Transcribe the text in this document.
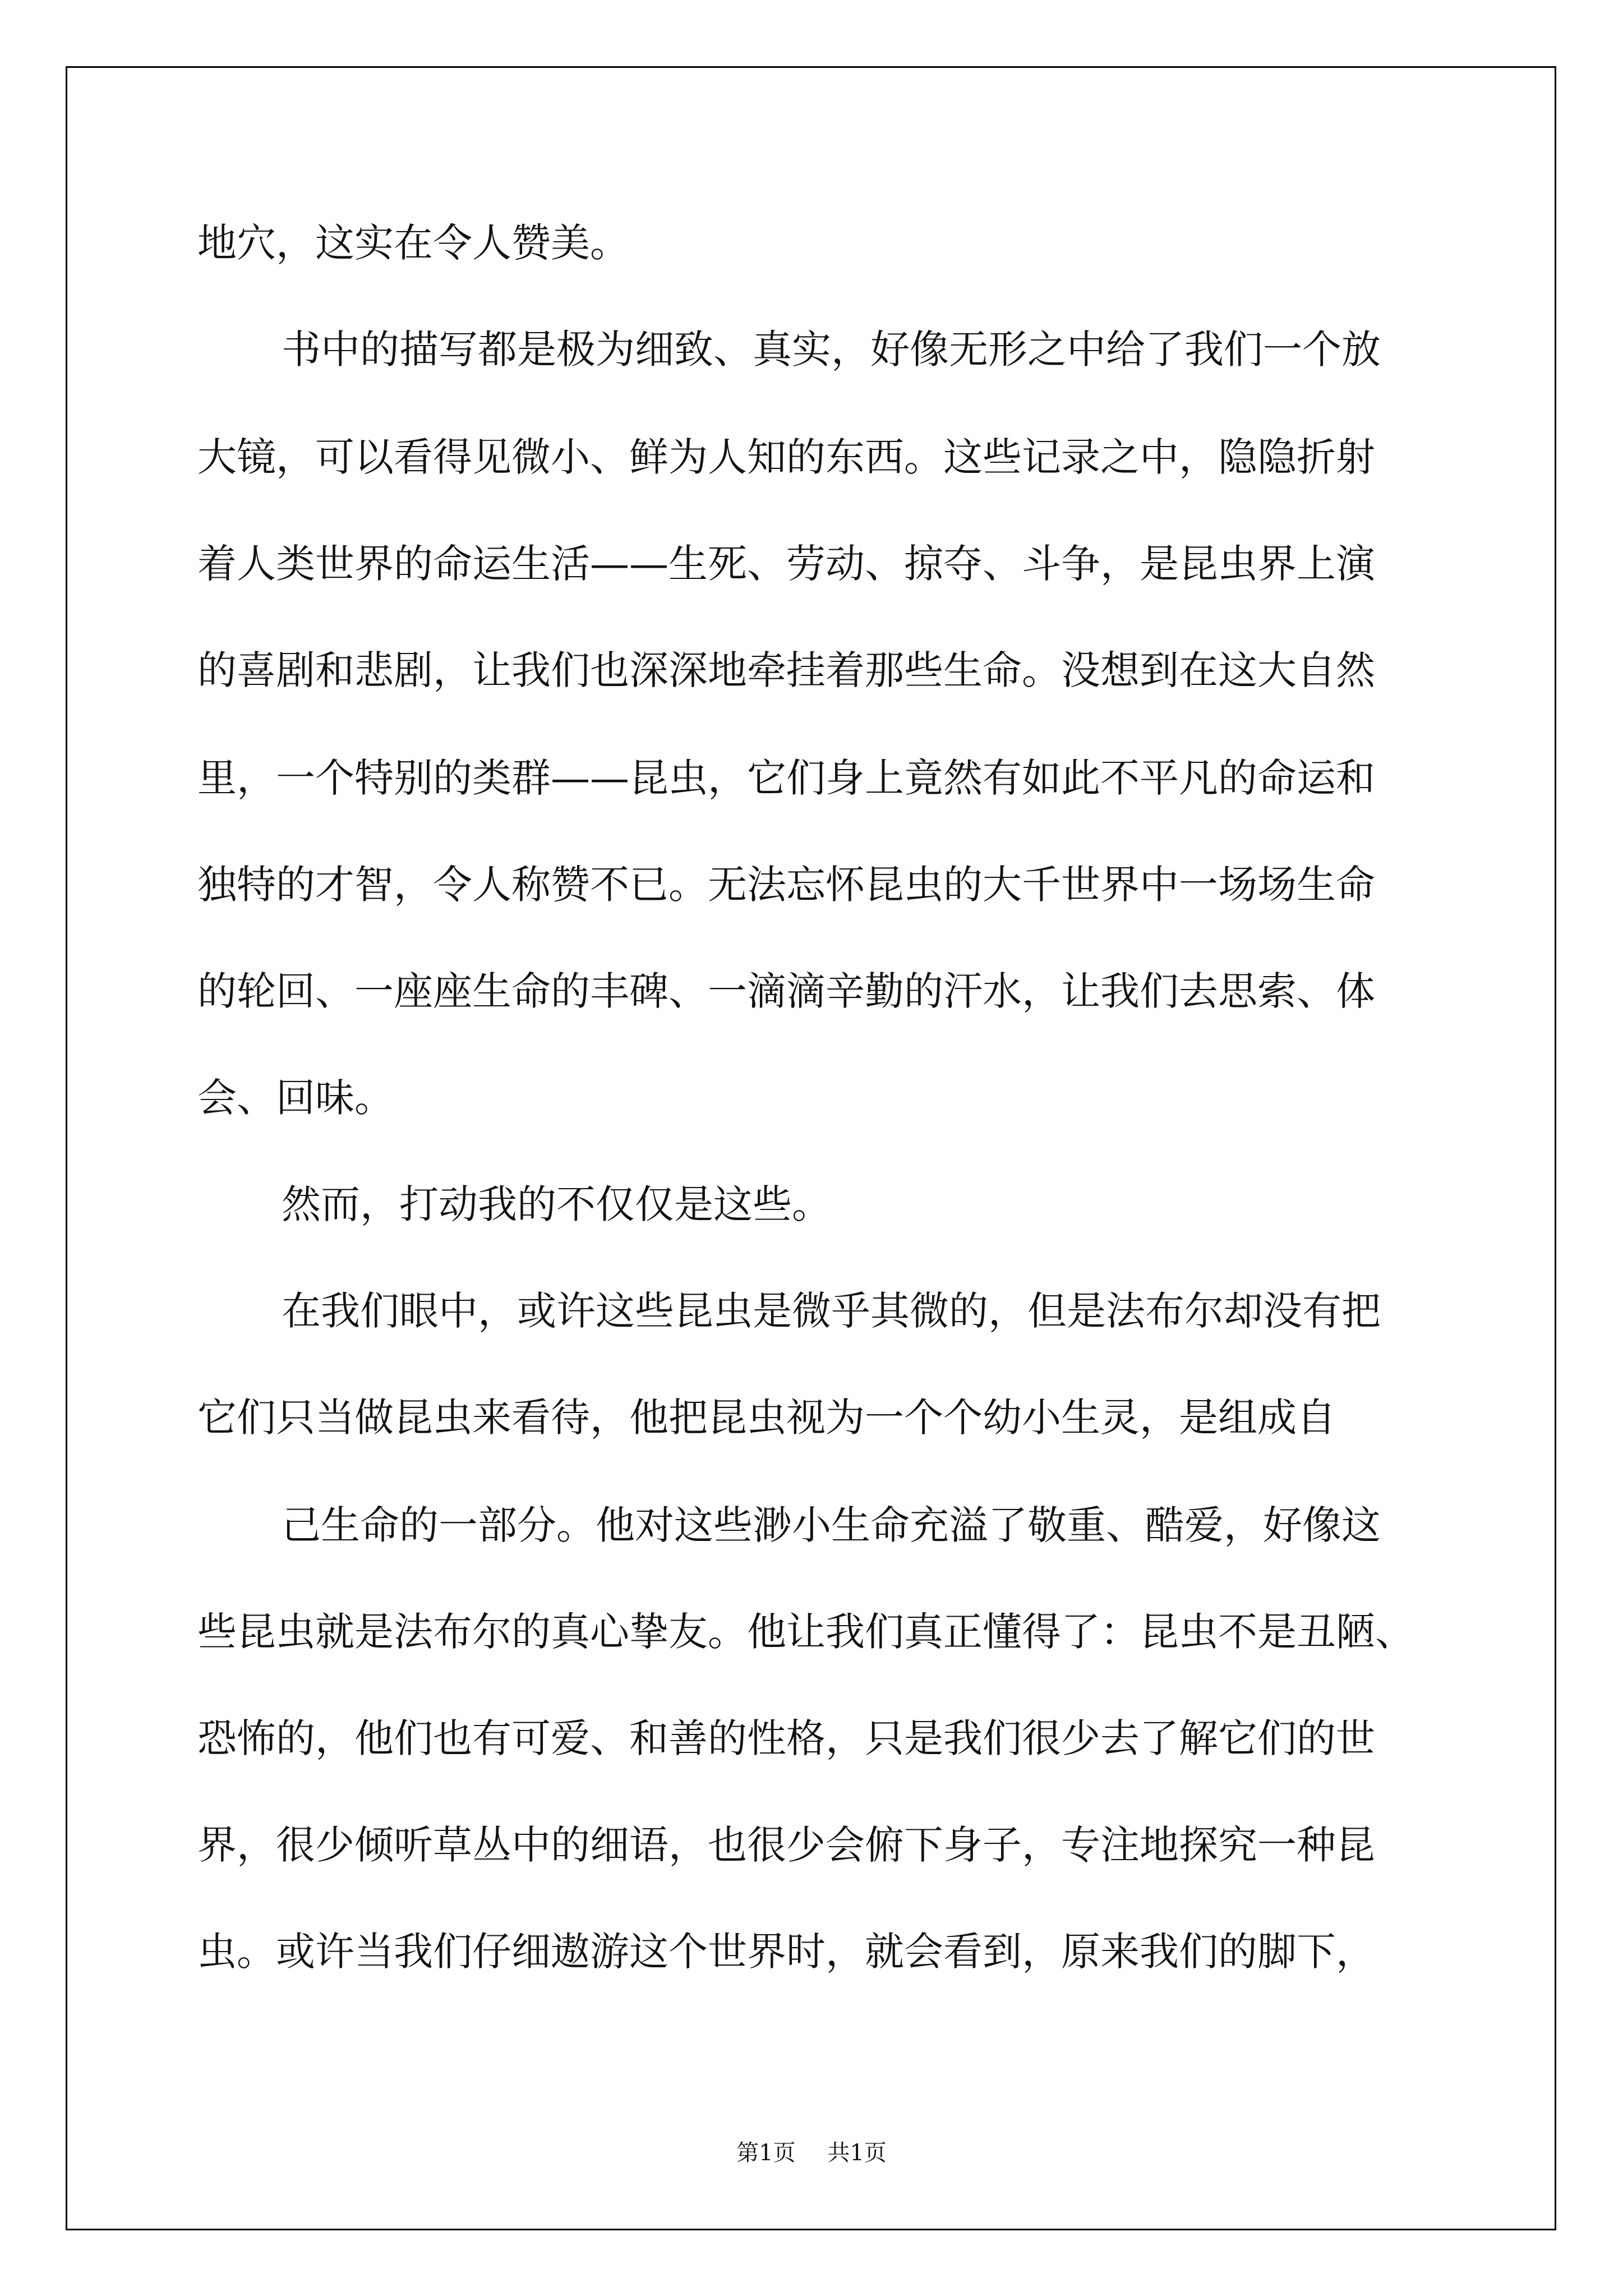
地穴，这实在令人赞美。

书中的描写都是极为细致、真实，好像无形之中给了我们一个放

大镜，可以看得见微小、鲜为人知的东西。这些记录之中，隐隐折射

着人类世界的命运生活——生死、劳动、掠夺、斗争，是昆虫界上演

的喜剧和悲剧，让我们也深深地牵挂着那些生命。没想到在这大自然

里，一个特别的类群——昆虫，它们身上竟然有如此不平凡的命运和

独特的才智，令人称赞不已。无法忘怀昆虫的大千世界中一场场生命

的轮回、一座座生命的丰碑、一滴滴辛勤的汗水，让我们去思索、体

会、回味。

然而，打动我的不仅仅是这些。

在我们眼中，或许这些昆虫是微乎其微的，但是法布尔却没有把

它们只当做昆虫来看待，他把昆虫视为一个个幼小生灵，是组成自

己生命的一部分。他对这些渺小生命充溢了敬重、酷爱，好像这

些昆虫就是法布尔的真心挚友。他让我们真正懂得了：昆虫不是丑陋、

恐怖的，他们也有可爱、和善的性格，只是我们很少去了解它们的世

界，很少倾听草丛中的细语，也很少会俯下身子，专注地探究一种昆

虫。或许当我们仔细遨游这个世界时，就会看到，原来我们的脚下，

第1页 共1页
